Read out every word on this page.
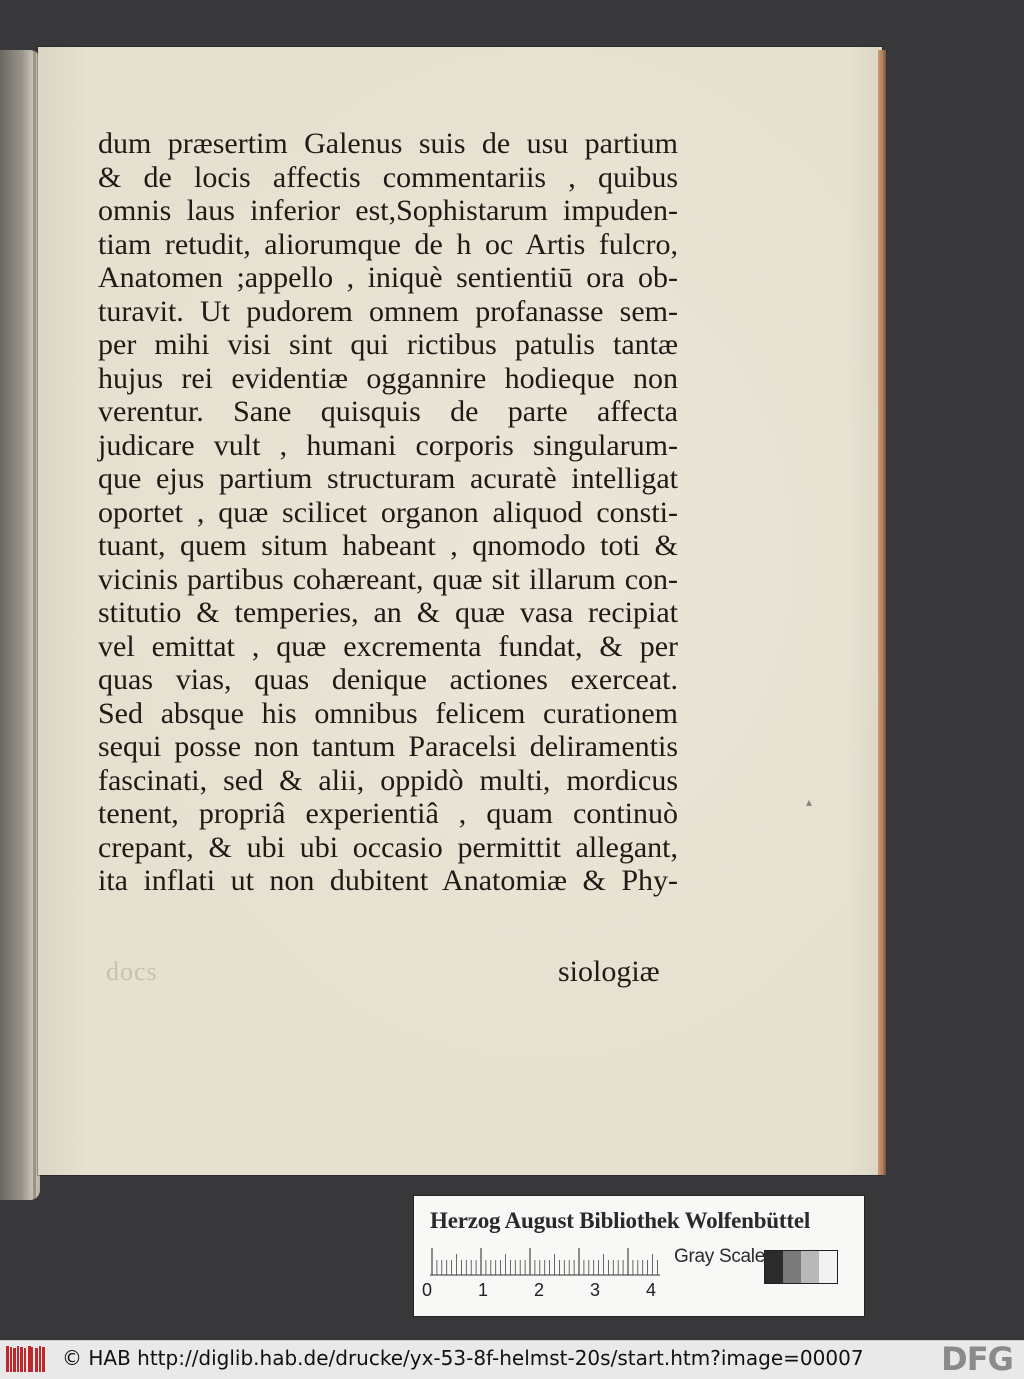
dum præsertim Galenus suis de usu partium
& de locis affectis commentariis , quibus
omnis laus inferior est,Sophistarum impuden-
tiam retudit, aliorumque de h oc Artis fulcro,
Anatomen ;appello , iniquè sentientiū ora ob-
turavit. Ut pudorem omnem profanasse sem-
per mihi visi sint qui rictibus patulis tantæ
hujus rei evidentiæ oggannire hodieque non
verentur. Sane quisquis de parte affecta
judicare vult , humani corporis singularum-
que ejus partium structuram acuratè intelligat
oportet , quæ scilicet organon aliquod consti-
tuant, quem situm habeant , qnomodo toti &
vicinis partibus cohæreant, quæ sit illarum con-
stitutio & temperies, an & quæ vasa recipiat
vel emittat , quæ excrementa fundat, & per
quas vias, quas denique actiones exerceat.
Sed absque his omnibus felicem curationem
sequi posse non tantum Paracelsi deliramentis
fascinati, sed & alii, oppidò multi, mordicus
tenent, propriâ experientiâ , quam continuò
crepant, & ubi ubi occasio permittit allegant,
ita inflati ut non dubitent Anatomiæ & Phy-
docs	siologiæ
▴
Herzog August Bibliothek Wolfenbüttel
0	1	2	3	4
Gray Scale
© HAB http://diglib.hab.de/drucke/yx-53-8f-helmst-20s/start.htm?image=00007 DFG
